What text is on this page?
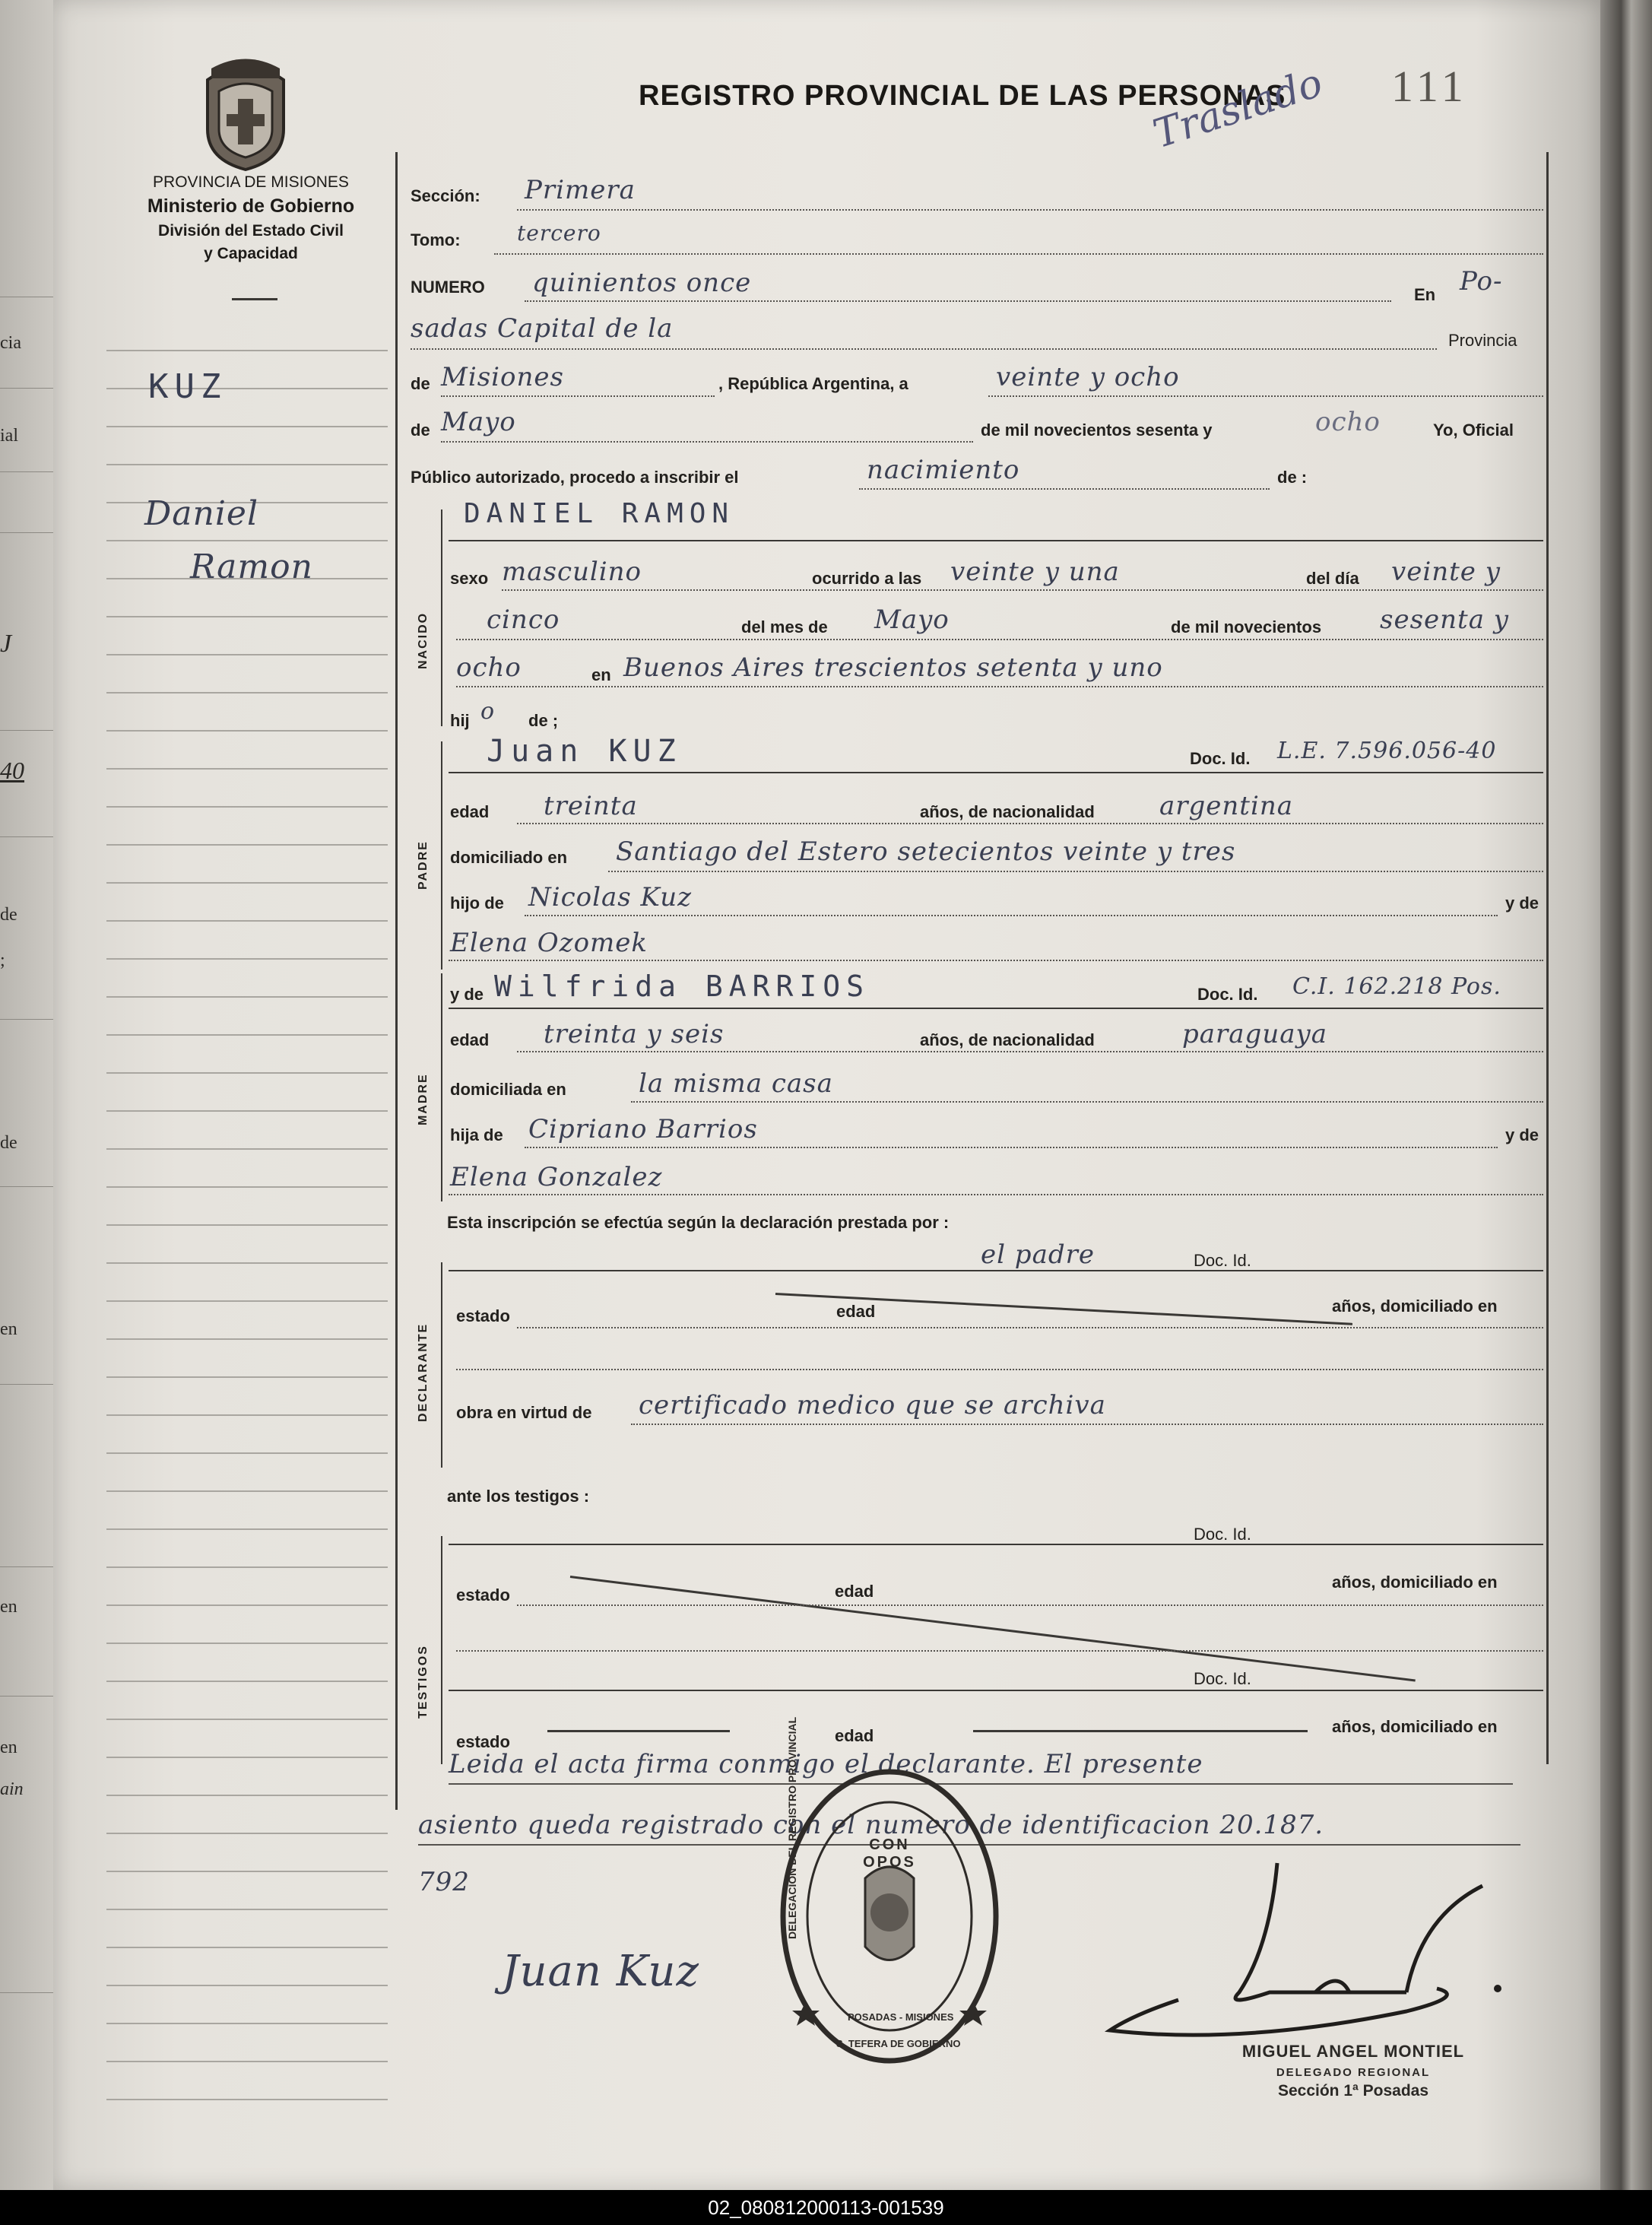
cia
ial
J
40
de
;
de
en
en
en
ain
PROVINCIA DE MISIONES
Ministerio de Gobierno
División del Estado Civil
y Capacidad
REGISTRO PROVINCIAL DE LAS PERSONAS 111
Traslado
KUZ
Daniel
Ramon
Sección: Primera
Tomo:	tercero
NUMERO quinientos once	En Po-
sadas Capital de la	Provincia
de Misiones	, República Argentina, a	veinte y ocho
de Mayo	de mil novecientos sesenta y	ocho	Yo, Oficial
Público autorizado, procedo a inscribir el	nacimiento	de :
NACIDO
DANIEL RAMON
sexo masculino	ocurrido a las veinte y una	del día veinte y
cinco	del mes de Mayo	de mil novecientos sesenta y
ocho	en Buenos Aires trescientos setenta y uno
hij o de ;
PADRE
Juan KUZ	Doc. Id. L.E. 7.596.056-40
edad treinta	años, de nacionalidad	argentina
domiciliado en Santiago del Estero setecientos veinte y tres
hijo de Nicolas Kuz	y de
Elena Ozomek
MADRE
y de Wilfrida BARRIOS	Doc. Id. C.I. 162.218 Pos.
edad treinta y seis	años, de nacionalidad	paraguaya
domiciliada en	la misma casa
hija de Cipriano Barrios	y de
Elena Gonzalez
Esta inscripción se efectúa según la declaración prestada por :
DECLARANTE
el padre	Doc. Id.
estado	edad	años, domiciliado en
obra en virtud de certificado medico que se archiva
ante los testigos :
TESTIGOS
Doc. Id.
estado	edad	años, domiciliado en
Doc. Id.
estado	edad	años, domiciliado en
Leida el acta firma conmigo el declarante. El presente
asiento queda registrado con el numero de identificacion 20.187.
792
Juan Kuz
CON OPOS
DELEGACION DEL REGISTRO PROVINCIAL
POSADAS - MISIONES
S. TEFERA DE GOBIERNO	MIGUEL ANGEL MONTIEL
DELEGADO REGIONAL
Sección 1ª Posadas
02_080812000113-001539
